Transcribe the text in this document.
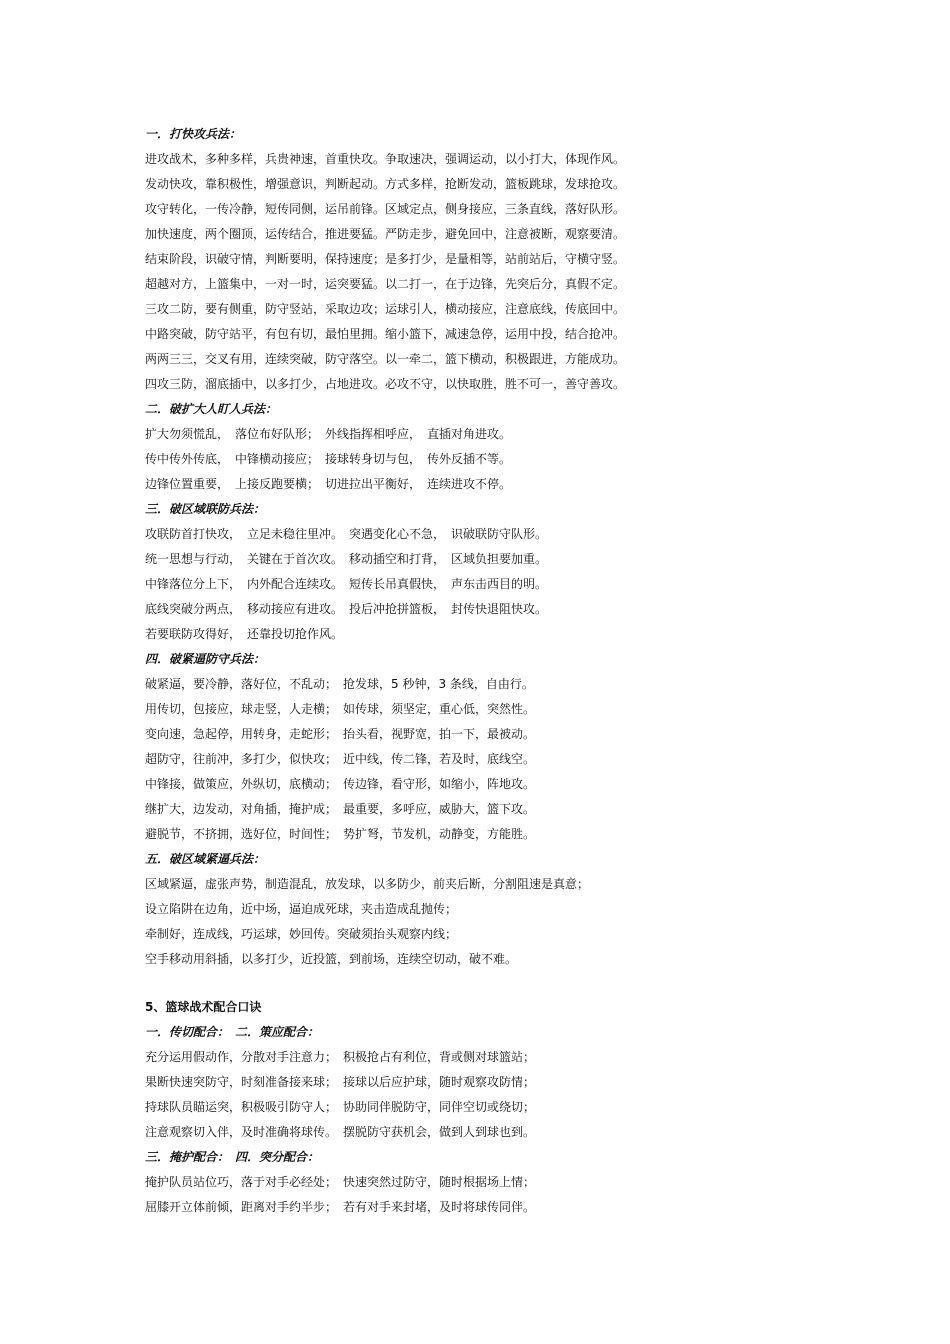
一．打快攻兵法：
进攻战术，多种多样，兵贵神速，首重快攻。争取速决，强调运动，以小打大，体现作风。
发动快攻，靠积极性，增强意识，判断起动。方式多样，抢断发动，篮板跳球，发球抢攻。
攻守转化，一传冷静，短传同侧，运吊前锋。区域定点，侧身接应，三条直线，落好队形。
加快速度，两个圈顶，运传结合，推进要猛。严防走步，避免回中，注意被断，观察要清。
结束阶段，识破守情，判断要明，保持速度；是多打少，是量相等，站前站后，守横守竖。
超越对方，上篮集中，一对一时，运突要猛。以二打一，在于边锋，先突后分，真假不定。
三攻二防，要有侧重，防守竖站，采取边攻；运球引人，横动接应，注意底线，传底回中。
中路突破，防守站平，有包有切，最怕里拥。缩小篮下，减速急停，运用中投，结合抢冲。
两两三三，交叉有用，连续突破，防守落空。以一牵二，篮下横动，积极跟进，方能成功。
四攻三防，溜底插中，以多打少，占地进攻。必攻不守，以快取胜，胜不可一，善守善攻。
二．破扩大人盯人兵法：
扩大勿须慌乱，　落位布好队形；　外线指挥相呼应，　直插对角进攻。
传中传外传底，　中锋横动接应；　接球转身切与包，　传外反插不等。
边锋位置重要，　上接反跑要横；　切进拉出平衡好，　连续进攻不停。
三．破区域联防兵法：
攻联防首打快攻，　立足未稳往里冲。　突遇变化心不急，　识破联防守队形。
统一思想与行动，　关键在于首次攻。　移动插空和打背，　区域负担要加重。
中锋落位分上下，　内外配合连续攻。　短传长吊真假快，　声东击西目的明。
底线突破分两点，　移动接应有进攻。　投后冲抢拼篮板，　封传快退阻快攻。
若要联防攻得好，　还靠投切抢作风。
四．破紧逼防守兵法：
破紧逼，要冷静，落好位，不乱动；　抢发球，5 秒钟，3 条线，自由行。
用传切，包接应，球走竖，人走横；　如传球，须坚定，重心低，突然性。
变向速，急起停，用转身，走蛇形；　抬头看，视野宽，拍一下，最被动。
超防守，往前冲，多打少，似快攻；　近中线，传二锋，若及时，底线空。
中锋接，做策应，外纵切，底横动；　传边锋，看守形，如缩小，阵地攻。
继扩大，边发动，对角插，掩护成；　最重要，多呼应，威胁大，篮下攻。
避脱节，不挤拥，选好位，时间性；　势扩弩，节发机，动静变，方能胜。
五．破区域紧逼兵法：
区域紧逼，虚张声势，制造混乱，放发球，以多防少，前夹后断，分割阻速是真意；
设立陷阱在边角，近中场，逼迫成死球，夹击造成乱抛传；
牵制好，连成线，巧运球，妙回传。突破须抬头观察内线；
空手移动用斜插，以多打少，近投篮，到前场，连续空切动，破不难。
5、篮球战术配合口诀
一．传切配合：　二．策应配合：
充分运用假动作，分散对手注意力；　积极抢占有利位，背或侧对球篮站；
果断快速突防守，时刻准备接来球；　接球以后应护球，随时观察攻防情；
持球队员瞄运突，积极吸引防守人；　协助同伴脱防守，同伴空切或绕切；
注意观察切入伴，及时准确将球传。　摆脱防守获机会，做到人到球也到。
三．掩护配合：　四．突分配合：
掩护队员站位巧，落于对手必经处；　快速突然过防守，随时根据场上情；
屈膝开立体前倾，距离对手约半步；　若有对手来封堵，及时将球传同伴。
